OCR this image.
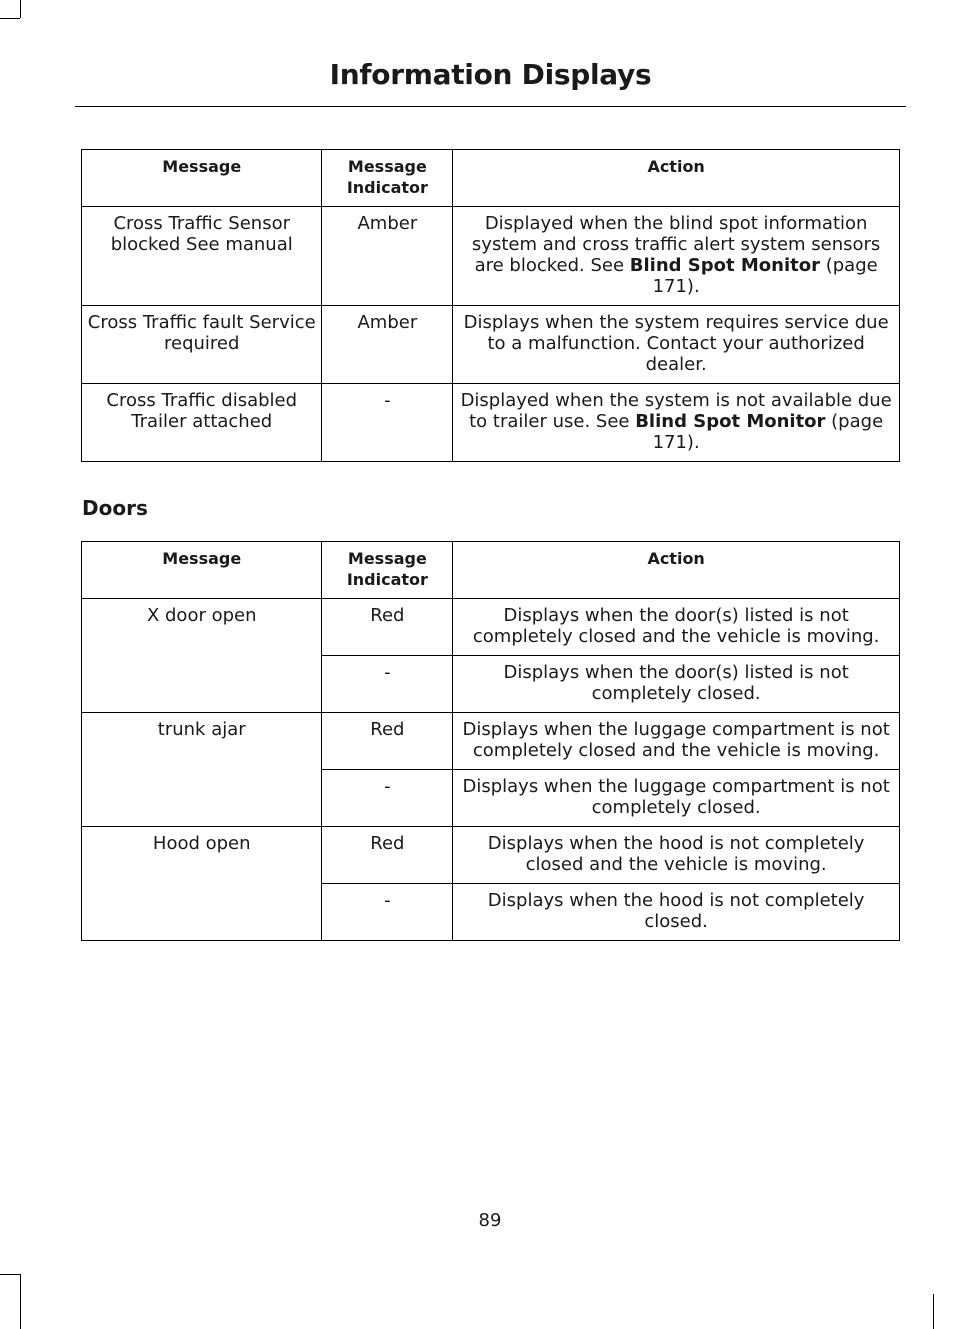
Information Displays
Message	Message Indicator	Action
Cross Traffic Sensor blocked See manual	Amber	Displayed when the blind spot information system and cross traffic alert system sensors are blocked. See Blind Spot Monitor (page 171).
Cross Traffic fault Service required	Amber	Displays when the system requires service due to a malfunction. Contact your authorized dealer.
Cross Traffic disabled Trailer attached	-	Displayed when the system is not available due to trailer use. See Blind Spot Monitor (page 171).
Doors
Message	Message Indicator	Action
X door open	Red	Displays when the door(s) listed is not completely closed and the vehicle is moving.
	-	Displays when the door(s) listed is not completely closed.
trunk ajar	Red	Displays when the luggage compartment is not completely closed and the vehicle is moving.
	-	Displays when the luggage compartment is not completely closed.
Hood open	Red	Displays when the hood is not completely closed and the vehicle is moving.
	-	Displays when the hood is not completely closed.
89
